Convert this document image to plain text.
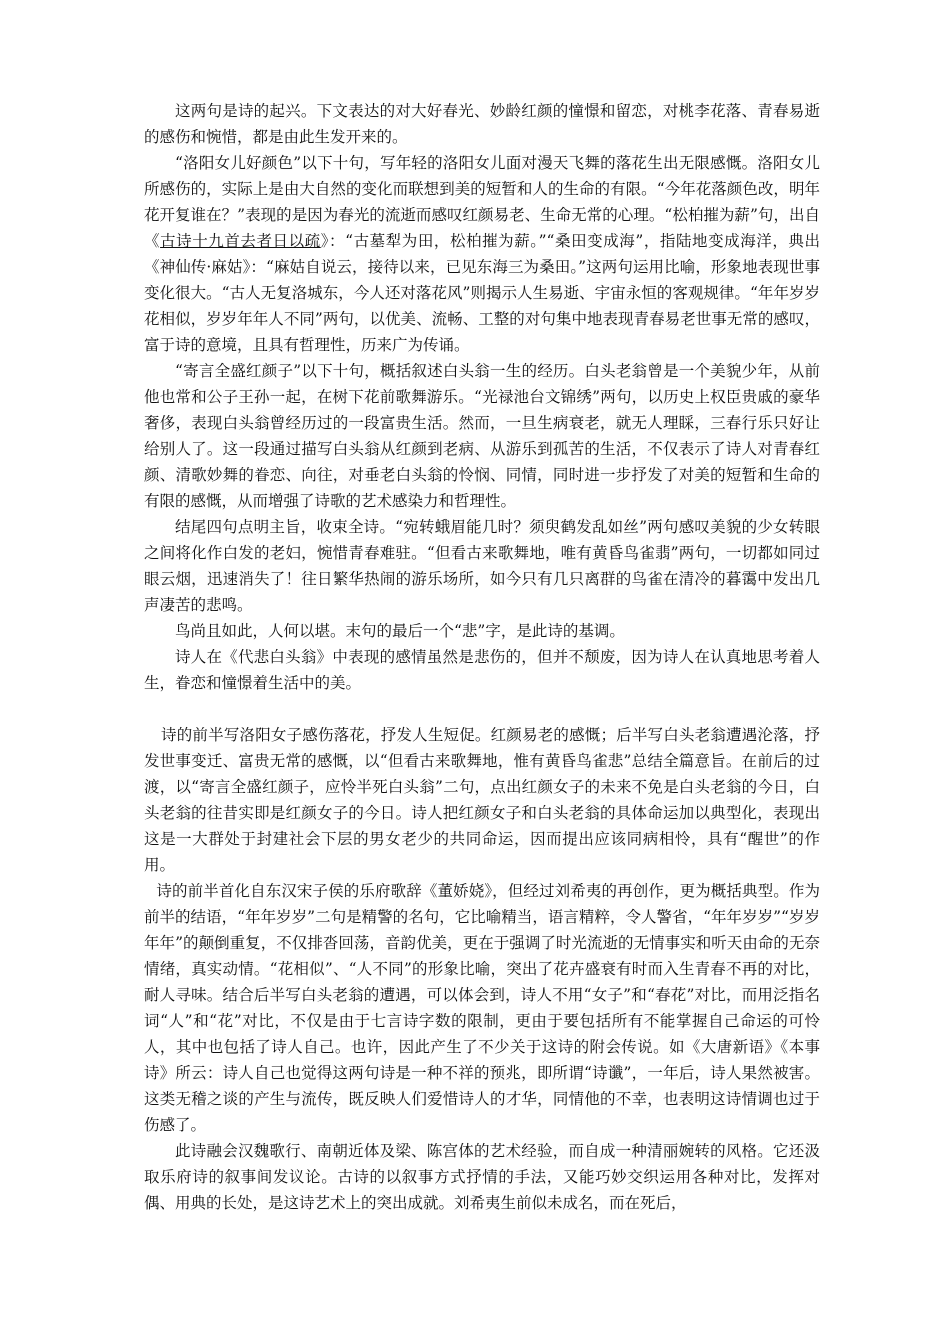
这两句是诗的起兴。下文表达的对大好春光、妙龄红颜的憧憬和留恋，对桃李花落、青春易逝的感伤和惋惜，都是由此生发开来的。

“洛阳女儿好颜色”以下十句，写年轻的洛阳女儿面对漫天飞舞的落花生出无限感慨。洛阳女儿所感伤的，实际上是由大自然的变化而联想到美的短暂和人的生命的有限。“今年花落颜色改，明年花开复谁在？”表现的是因为春光的流逝而感叹红颜易老、生命无常的心理。“松柏摧为薪”句，出自《古诗十九首去者日以疏》：“古墓犁为田，松柏摧为薪。”“桑田变成海”，指陆地变成海洋，典出《神仙传·麻姑》：“麻姑自说云，接待以来，已见东海三为桑田。”这两句运用比喻，形象地表现世事变化很大。“古人无复洛城东，今人还对落花风”则揭示人生易逝、宇宙永恒的客观规律。“年年岁岁花相似，岁岁年年人不同”两句，以优美、流畅、工整的对句集中地表现青春易老世事无常的感叹，富于诗的意境，且具有哲理性，历来广为传诵。

“寄言全盛红颜子”以下十句，概括叙述白头翁一生的经历。白头老翁曾是一个美貌少年，从前他也常和公子王孙一起，在树下花前歌舞游乐。“光禄池台文锦绣”两句，以历史上权臣贵戚的豪华奢侈，表现白头翁曾经历过的一段富贵生活。然而，一旦生病衰老，就无人理睬，三春行乐只好让给别人了。这一段通过描写白头翁从红颜到老病、从游乐到孤苦的生活，不仅表示了诗人对青春红颜、清歌妙舞的眷恋、向往，对垂老白头翁的怜悯、同情，同时进一步抒发了对美的短暂和生命的有限的感慨，从而增强了诗歌的艺术感染力和哲理性。

结尾四句点明主旨，收束全诗。“宛转蛾眉能几时？须臾鹤发乱如丝”两句感叹美貌的少女转眼之间将化作白发的老妇，惋惜青春难驻。“但看古来歌舞地，唯有黄昏鸟雀翡”两句，一切都如同过眼云烟，迅速消失了！往日繁华热闹的游乐场所，如今只有几只离群的鸟雀在清冷的暮霭中发出几声凄苦的悲鸣。

鸟尚且如此，人何以堪。末句的最后一个“悲”字，是此诗的基调。

诗人在《代悲白头翁》中表现的感情虽然是悲伤的，但并不颓废，因为诗人在认真地思考着人生，眷恋和憧憬着生活中的美。

诗的前半写洛阳女子感伤落花，抒发人生短促。红颜易老的感慨；后半写白头老翁遭遇沦落，抒发世事变迁、富贵无常的感慨，以“但看古来歌舞地，惟有黄昏鸟雀悲”总结全篇意旨。在前后的过渡，以“寄言全盛红颜子，应怜半死白头翁”二句，点出红颜女子的未来不免是白头老翁的今日，白头老翁的往昔实即是红颜女子的今日。诗人把红颜女子和白头老翁的具体命运加以典型化，表现出这是一大群处于封建社会下层的男女老少的共同命运，因而提出应该同病相怜，具有“醒世”的作用。

诗的前半首化自东汉宋子侯的乐府歌辞《董娇娆》，但经过刘希夷的再创作，更为概括典型。作为前半的结语，“年年岁岁”二句是精警的名句，它比喻精当，语言精粹，令人警省，“年年岁岁”“岁岁年年”的颠倒重复，不仅排沓回荡，音韵优美，更在于强调了时光流逝的无情事实和听天由命的无奈情绪，真实动情。“花相似”、“人不同”的形象比喻，突出了花卉盛衰有时而入生青春不再的对比，耐人寻味。结合后半写白头老翁的遭遇，可以体会到，诗人不用“女子”和“春花”对比，而用泛指名词“人”和“花”对比，不仅是由于七言诗字数的限制，更由于要包括所有不能掌握自己命运的可怜人，其中也包括了诗人自己。也许，因此产生了不少关于这诗的附会传说。如《大唐新语》《本事诗》所云：诗人自己也觉得这两句诗是一种不祥的预兆，即所谓“诗谶”，一年后，诗人果然被害。这类无稽之谈的产生与流传，既反映人们爱惜诗人的才华，同情他的不幸，也表明这诗情调也过于伤感了。

此诗融会汉魏歌行、南朝近体及梁、陈宫体的艺术经验，而自成一种清丽婉转的风格。它还汲取乐府诗的叙事间发议论。古诗的以叙事方式抒情的手法，又能巧妙交织运用各种对比，发挥对偶、用典的长处，是这诗艺术上的突出成就。刘希夷生前似未成名，而在死后，
